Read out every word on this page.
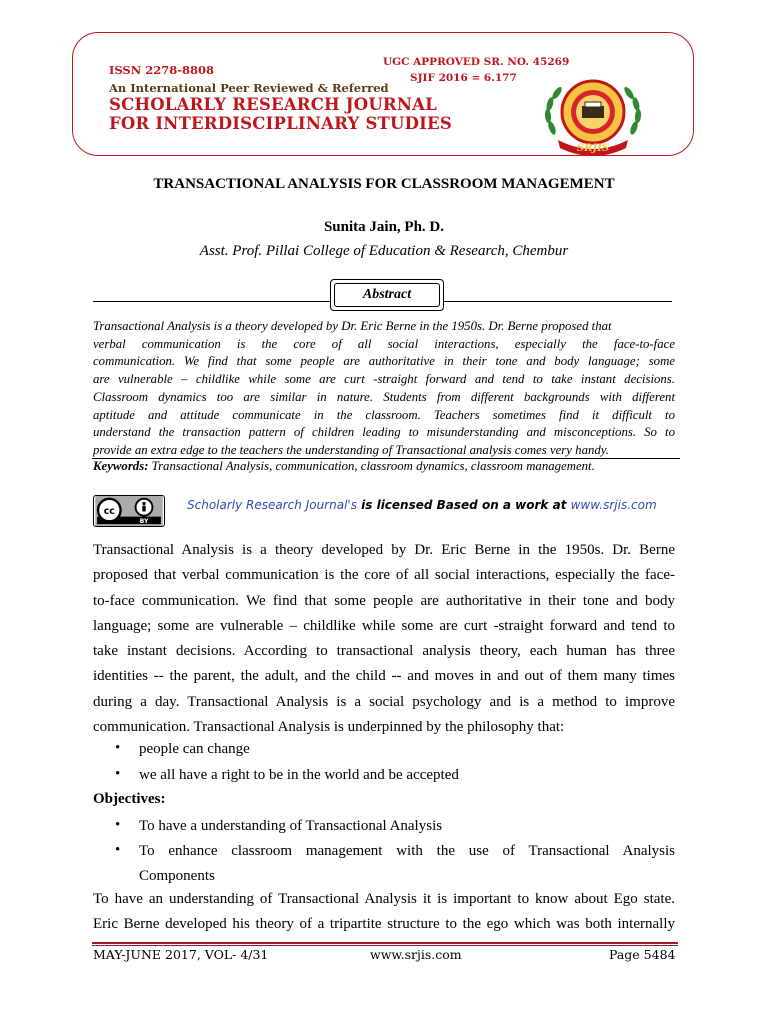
ISSN 2278-8808
An International Peer Reviewed & Referred
SCHOLARLY RESEARCH JOURNAL
FOR INTERDISCIPLINARY STUDIES
UGC APPROVED SR. NO. 45269
SJIF 2016 = 6.177
SRJIS
TRANSACTIONAL ANALYSIS FOR CLASSROOM MANAGEMENT
Sunita Jain, Ph. D.
Asst. Prof. Pillai College of Education & Research, Chembur
Abstract
Transactional Analysis is a theory developed by Dr. Eric Berne in the 1950s. Dr. Berne proposed that
verbal communication is the core of all social interactions, especially the face-to-face
communication. We find that some people are authoritative in their tone and body language; some
are vulnerable – childlike while some are curt -straight forward and tend to take instant decisions.
Classroom dynamics too are similar in nature. Students from different backgrounds with different
aptitude and attitude communicate in the classroom. Teachers sometimes find it difficult to
understand the transaction pattern of children leading to misunderstanding and misconceptions. So to
provide an extra edge to the teachers the understanding of Transactional analysis comes very handy.
Keywords: Transactional Analysis, communication, classroom dynamics, classroom management.
cc
BY
Scholarly Research Journal's is licensed Based on a work at www.srjis.com
Transactional Analysis is a theory developed by Dr. Eric Berne in the 1950s. Dr. Berne
proposed that verbal communication is the core of all social interactions, especially the face-
to-face communication. We find that some people are authoritative in their tone and body
language; some are vulnerable – childlike while some are curt -straight forward and tend to
take instant decisions. According to transactional analysis theory, each human has three
identities -- the parent, the adult, and the child -- and moves in and out of them many times
during a day. Transactional Analysis is a social psychology and is a method to improve
communication. Transactional Analysis is underpinned by the philosophy that:
• people can change
• we all have a right to be in the world and be accepted
Objectives:
• To have a understanding of Transactional Analysis
• To enhance classroom management with the use of Transactional Analysis
Components
To have an understanding of Transactional Analysis it is important to know about Ego state.
Eric Berne developed his theory of a tripartite structure to the ego which was both internally
MAY-JUNE 2017, VOL- 4/31	www.srjis.com	Page 5484
